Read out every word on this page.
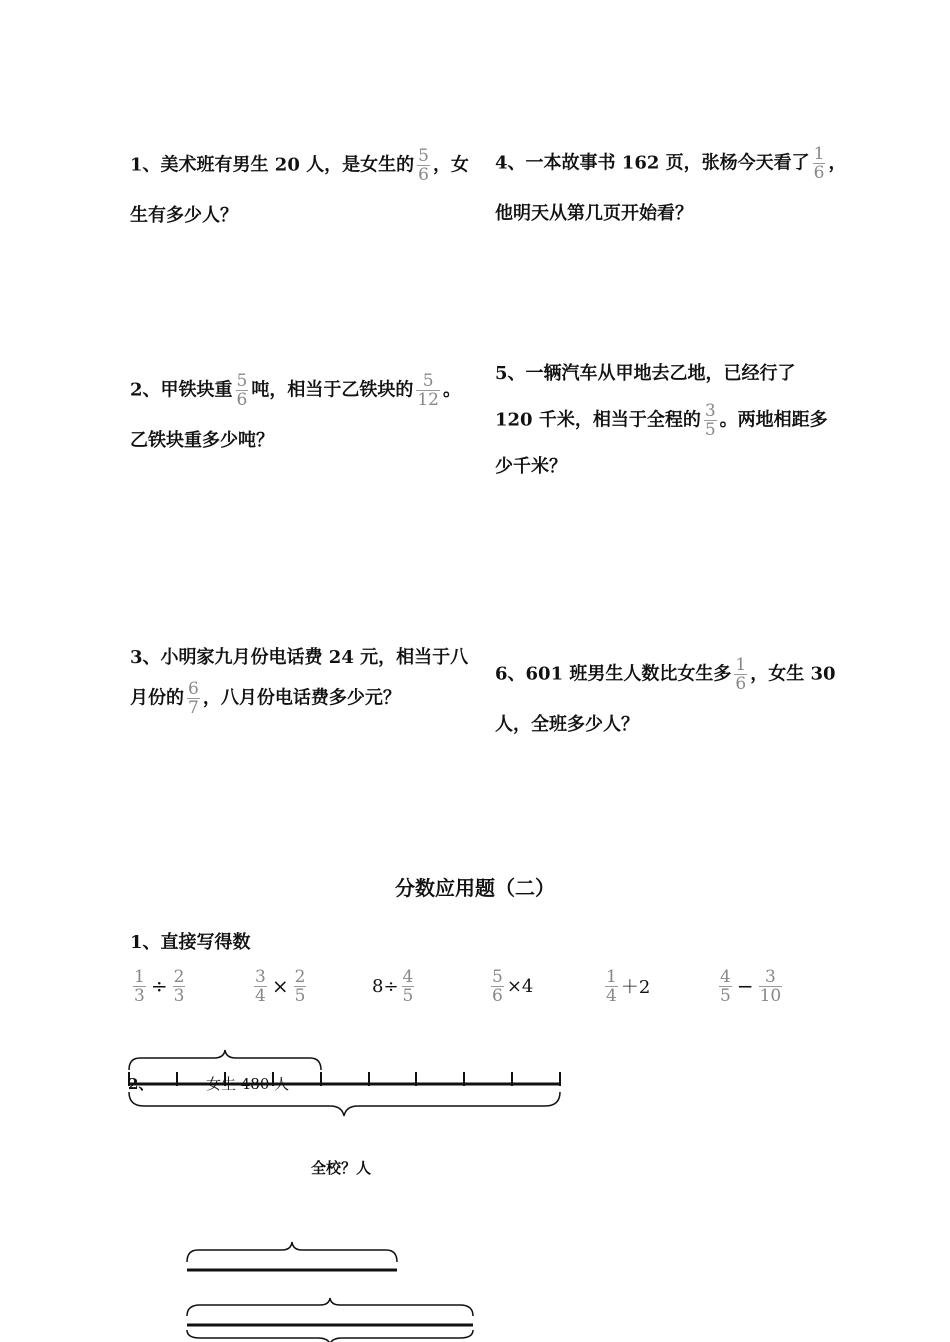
1、美术班有男生 20 人，是女生的 $\frac{5}{6}$ ，女
生有多少人？
4、一本故事书 162 页，张杨今天看了 $\frac{1}{6}$ ，
他明天从第几页开始看？
2、甲铁块重 $\frac{5}{6}$ 吨，相当于乙铁块的 $\frac{5}{12}$ 。
乙铁块重多少吨？
5、一辆汽车从甲地去乙地，已经行了
120 千米，相当于全程的 $\frac{3}{5}$ 。两地相距多
少千米？
3、小明家九月份电话费 24 元，相当于八
月份的 $\frac{6}{7}$ ，八月份电话费多少元？
6、601 班男生人数比女生多 $\frac{1}{6}$ ，女生 30
人，全班多少人？
分数应用题（二）
1、直接写得数
$\frac{1}{3} \div \frac{2}{3}$	$\frac{3}{4} \times \frac{2}{5}$	$8\div \frac{4}{5}$	$\frac{5}{6} \times 4$	$\frac{1}{4} +2$	$\frac{4}{5} - \frac{3}{10}$
2、	女生 480 人
全校？人
